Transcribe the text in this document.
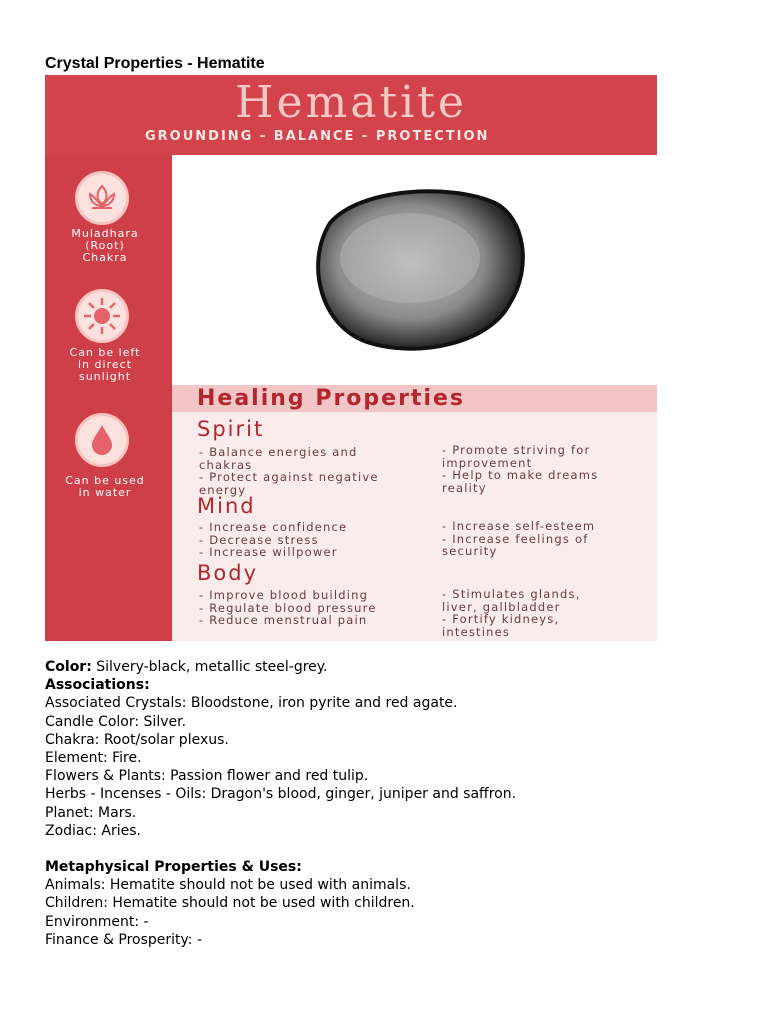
Crystal Properties - Hematite
Hematite
GROUNDING - BALANCE - PROTECTION
Muladhara
(Root)
Chakra
Can be left
in direct
sunlight
Can be used
in water
Healing Properties
Spirit
- Balance energies and
chakras
- Protect against negative
energy
- Promote striving for
improvement
- Help to make dreams
reality
Mind
- Increase confidence
- Decrease stress
- Increase willpower
- Increase self-esteem
- Increase feelings of
security
Body
- Improve blood building
- Regulate blood pressure
- Reduce menstrual pain
- Stimulates glands,
liver, gallbladder
- Fortify kidneys,
intestines
Color: Silvery-black, metallic steel-grey.
Associations:
Associated Crystals: Bloodstone, iron pyrite and red agate.
Candle Color: Silver.
Chakra: Root/solar plexus.
Element: Fire.
Flowers & Plants: Passion flower and red tulip.
Herbs - Incenses - Oils: Dragon's blood, ginger, juniper and saffron.
Planet: Mars.
Zodiac: Aries.
Metaphysical Properties & Uses:
Animals: Hematite should not be used with animals.
Children: Hematite should not be used with children.
Environment: -
Finance & Prosperity: -
